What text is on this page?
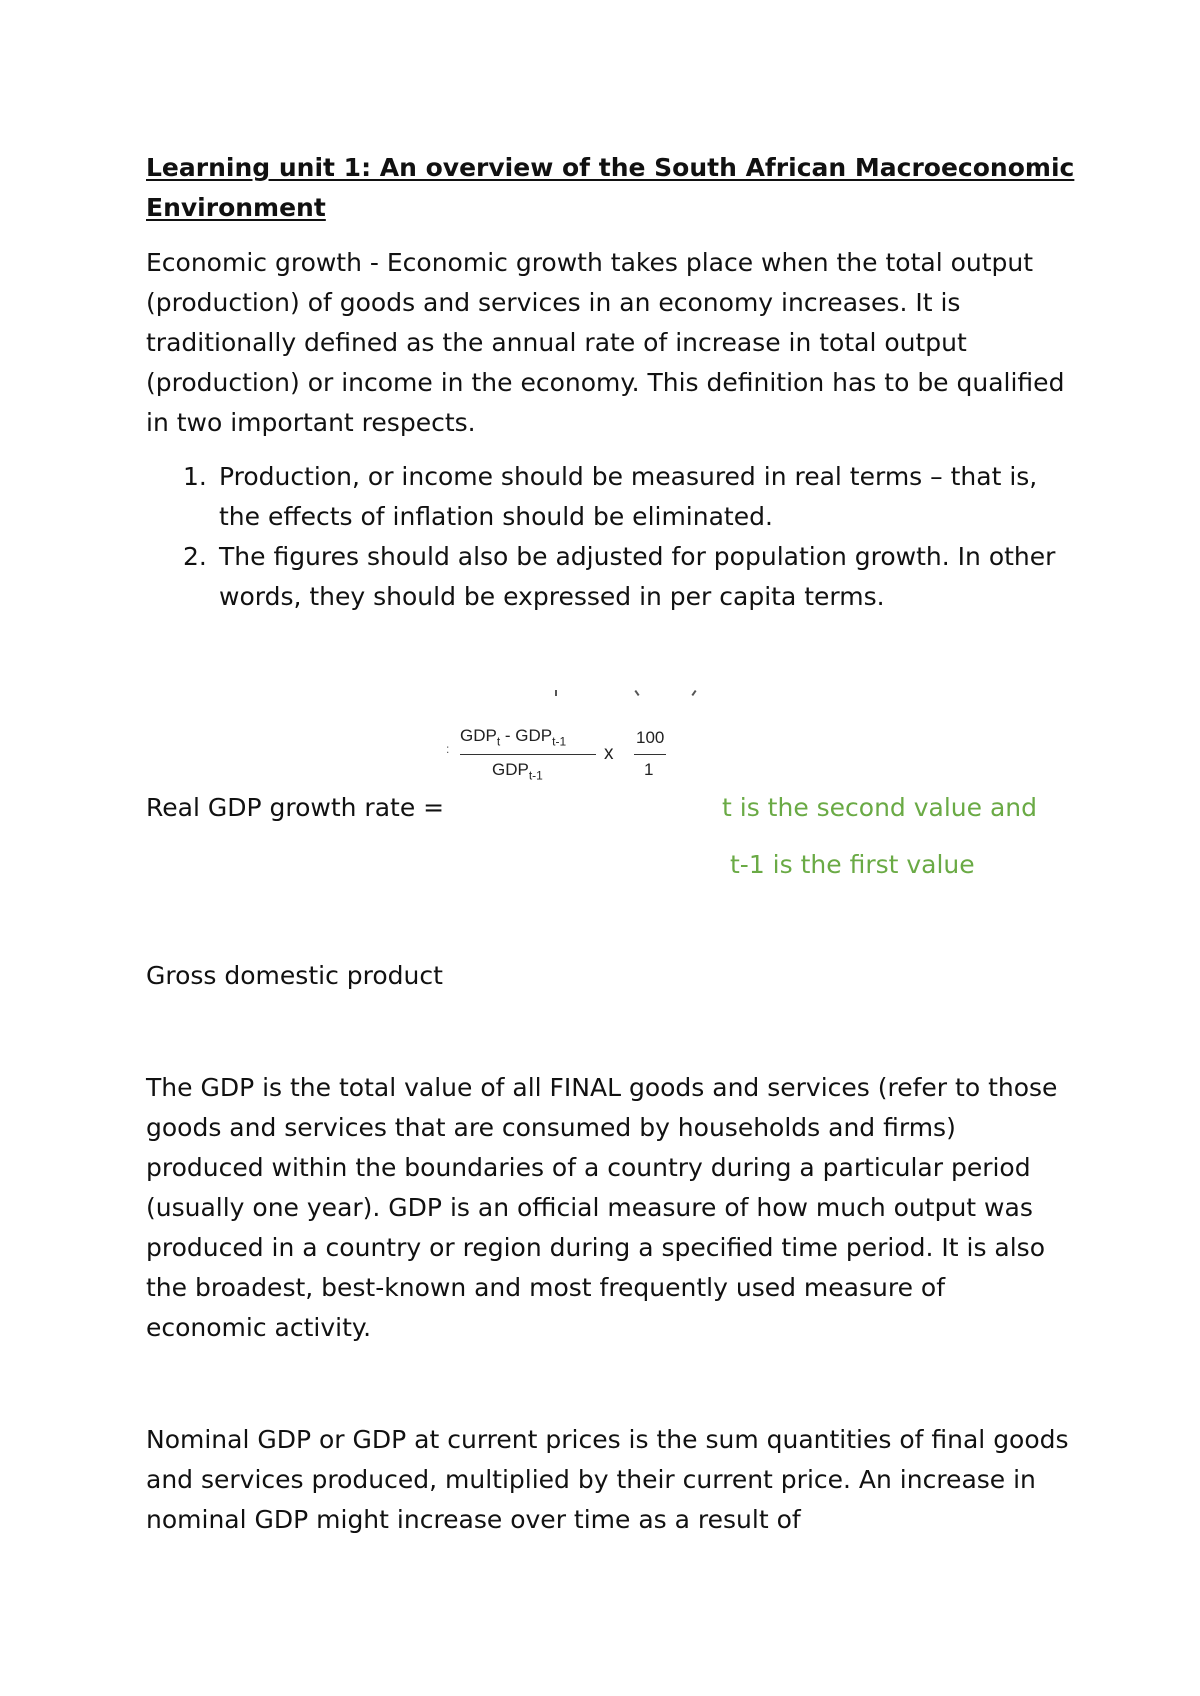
Learning unit 1: An overview of the South African Macroeconomic
Environment
Economic growth - Economic growth takes place when the total output
(production) of goods and services in an economy increases. It is
traditionally defined as the annual rate of increase in total output
(production) or income in the economy. This definition has to be qualified
in two important respects.
1. Production, or income should be measured in real terms – that is,
the effects of inflation should be eliminated.
2. The figures should also be adjusted for population growth. In other
words, they should be expressed in per capita terms.
:
$GDP_t - GDP_{t-1}$
$GDP_{t-1}$
x
100
1
Real GDP growth rate =	t is the second value and
t-1 is the first value
Gross domestic product
The GDP is the total value of all FINAL goods and services (refer to those
goods and services that are consumed by households and firms)
produced within the boundaries of a country during a particular period
(usually one year). GDP is an official measure of how much output was
produced in a country or region during a specified time period. It is also
the broadest, best-known and most frequently used measure of
economic activity.
Nominal GDP or GDP at current prices is the sum quantities of final goods
and services produced, multiplied by their current price. An increase in
nominal GDP might increase over time as a result of
